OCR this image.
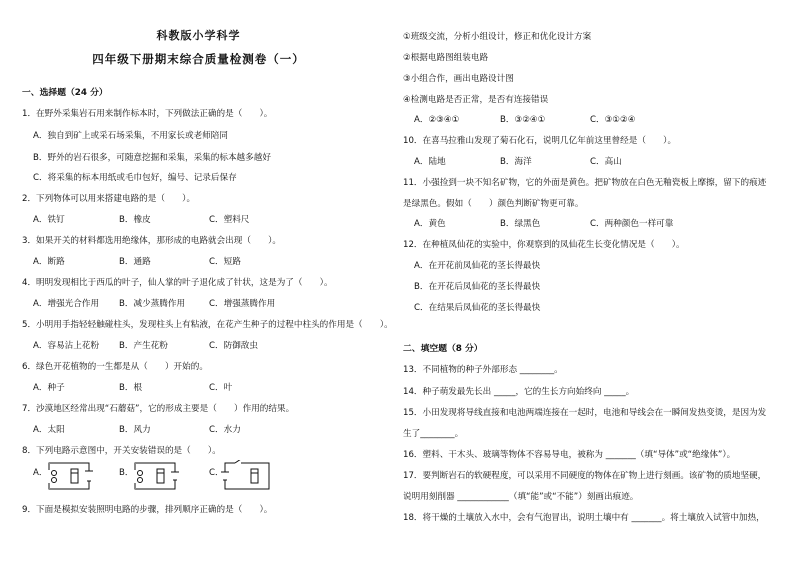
科教版小学科学
四年级下册期末综合质量检测卷（一）
一、选择题（24 分）
1．在野外采集岩石用来制作标本时，下列做法正确的是（　　）。
A．独自到矿上或采石场采集，不用家长或老师陪同
B．野外的岩石很多，可随意挖掘和采集，采集的标本越多越好
C．将采集的标本用纸或毛巾包好，编号、记录后保存
2．下列物体可以用来搭建电路的是（　　）。
A．铁钉	B．橡皮	C．塑料尺
3．如果开关的材料都选用绝缘体，那形成的电路就会出现（　　）。
A．断路	B．通路	C．短路
4．明明发现相比于西瓜的叶子，仙人掌的叶子退化成了针状，这是为了（　　）。
A．增强光合作用 B．减少蒸腾作用	C．增强蒸腾作用
5．小明用手指轻轻触碰柱头，发现柱头上有粘液，在花产生种子的过程中柱头的作用是（　　）。
A．容易沾上花粉 B．产生花粉	C．防御敌虫
6．绿色开花植物的一生都是从（　　）开始的。
A．种子	B．根	C．叶
7．沙漠地区经常出现“石蘑菇”，它的形成主要是（　　）作用的结果。
A．太阳	B．风力	C．水力
8．下列电路示意图中，开关安装错误的是（　　）。
A．	B．	C．
9．下面是模拟安装照明电路的步骤，排列顺序正确的是（　　）。
①班级交流，分析小组设计，修正和优化设计方案
②根据电路图组装电路
③小组合作，画出电路设计图
④检测电路是否正常，是否有连接错误
A．②③④①	B．③②④①	C．③①②④
10．在喜马拉雅山发现了菊石化石，说明几亿年前这里曾经是（　　）。
A．陆地	B．海洋	C．高山
11．小强捡到一块不知名矿物，它的外面是黄色。把矿物放在白色无釉瓷板上摩擦，留下的痕迹
是绿黑色。假如（　　）颜色判断矿物更可靠。
A．黄色	B．绿黑色	C．两种颜色一样可靠
12．在种植凤仙花的实验中，你观察到的凤仙花生长变化情况是（　　）。
A．在开花前凤仙花的茎长得最快
B．在开花后凤仙花的茎长得最快
C．在结果后凤仙花的茎长得最快
二、填空题（8 分）
13．不同植物的种子外部形态 ________。
14．种子萌发最先长出 _____，它的生长方向始终向 _____。
15．小田发现将导线直接和电池两端连接在一起时，电池和导线会在一瞬间发热变烫，是因为发
生了________。
16．塑料、干木头、玻璃等物体不容易导电，被称为 _______（填“导体”或“绝缘体”）。
17．要判断岩石的软硬程度，可以采用不同硬度的物体在矿物上进行刻画。该矿物的质地坚硬，
说明用刻削器 ____________（填“能”或“不能”）刻画出痕迹。
18．将干燥的土壤放入水中，会有气泡冒出，说明土壤中有 _______。将土壤放入试管中加热，
